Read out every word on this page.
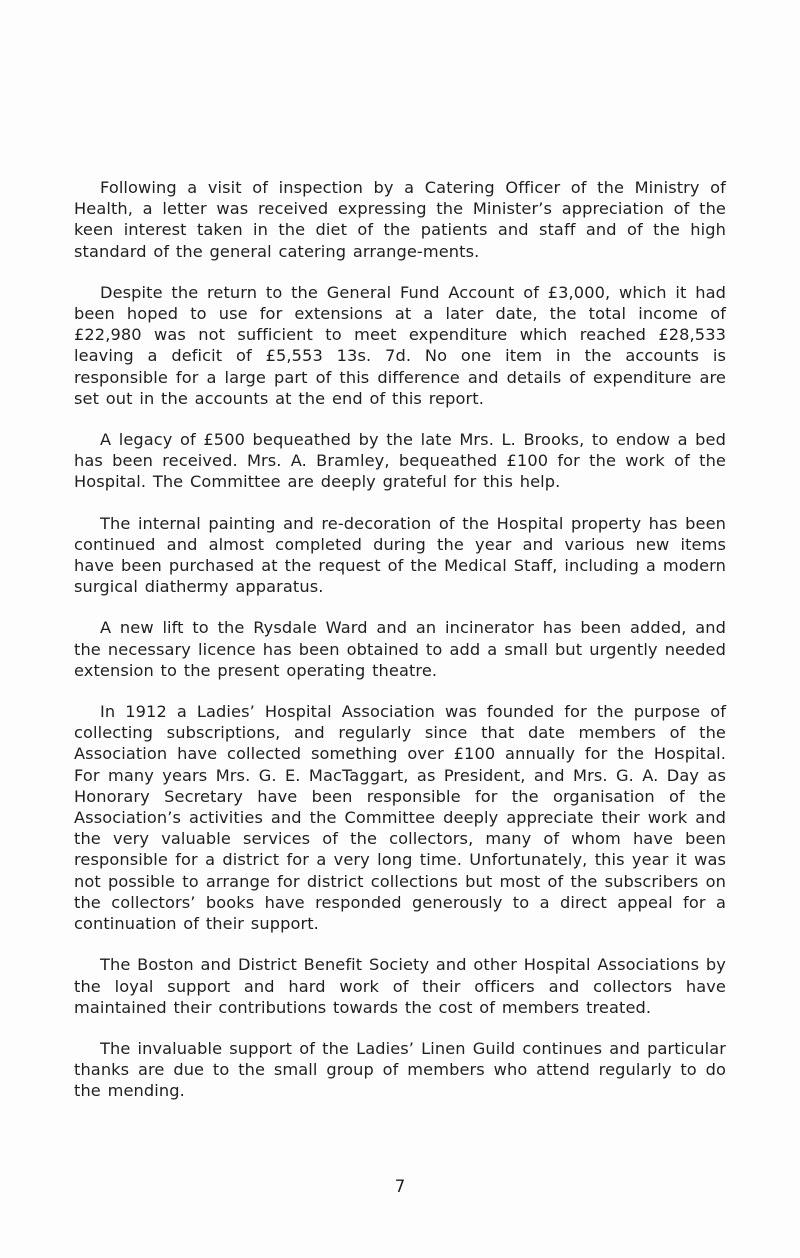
Following a visit of inspection by a Catering Officer of the Ministry of Health, a letter was received expressing the Minister’s appreciation of the keen interest taken in the diet of the patients and staff and of the high standard of the general catering arrange-ments.

Despite the return to the General Fund Account of £3,000, which it had been hoped to use for extensions at a later date, the total income of £22,980 was not sufficient to meet expenditure which reached £28,533 leaving a deficit of £5,553 13s. 7d. No one item in the accounts is responsible for a large part of this difference and details of expenditure are set out in the accounts at the end of this report.

A legacy of £500 bequeathed by the late Mrs. L. Brooks, to endow a bed has been received. Mrs. A. Bramley, bequeathed £100 for the work of the Hospital. The Committee are deeply grateful for this help.

The internal painting and re-decoration of the Hospital property has been continued and almost completed during the year and various new items have been purchased at the request of the Medical Staff, including a modern surgical diathermy apparatus.

A new lift to the Rysdale Ward and an incinerator has been added, and the necessary licence has been obtained to add a small but urgently needed extension to the present operating theatre.

In 1912 a Ladies’ Hospital Association was founded for the purpose of collecting subscriptions, and regularly since that date members of the Association have collected something over £100 annually for the Hospital. For many years Mrs. G. E. MacTaggart, as President, and Mrs. G. A. Day as Honorary Secretary have been responsible for the organisation of the Association’s activities and the Committee deeply appreciate their work and the very valuable services of the collectors, many of whom have been responsible for a district for a very long time. Unfortunately, this year it was not possible to arrange for district collections but most of the subscribers on the collectors’ books have responded generously to a direct appeal for a continuation of their support.

The Boston and District Benefit Society and other Hospital Associations by the loyal support and hard work of their officers and collectors have maintained their contributions towards the cost of members treated.

The invaluable support of the Ladies’ Linen Guild continues and particular thanks are due to the small group of members who attend regularly to do the mending.

7
